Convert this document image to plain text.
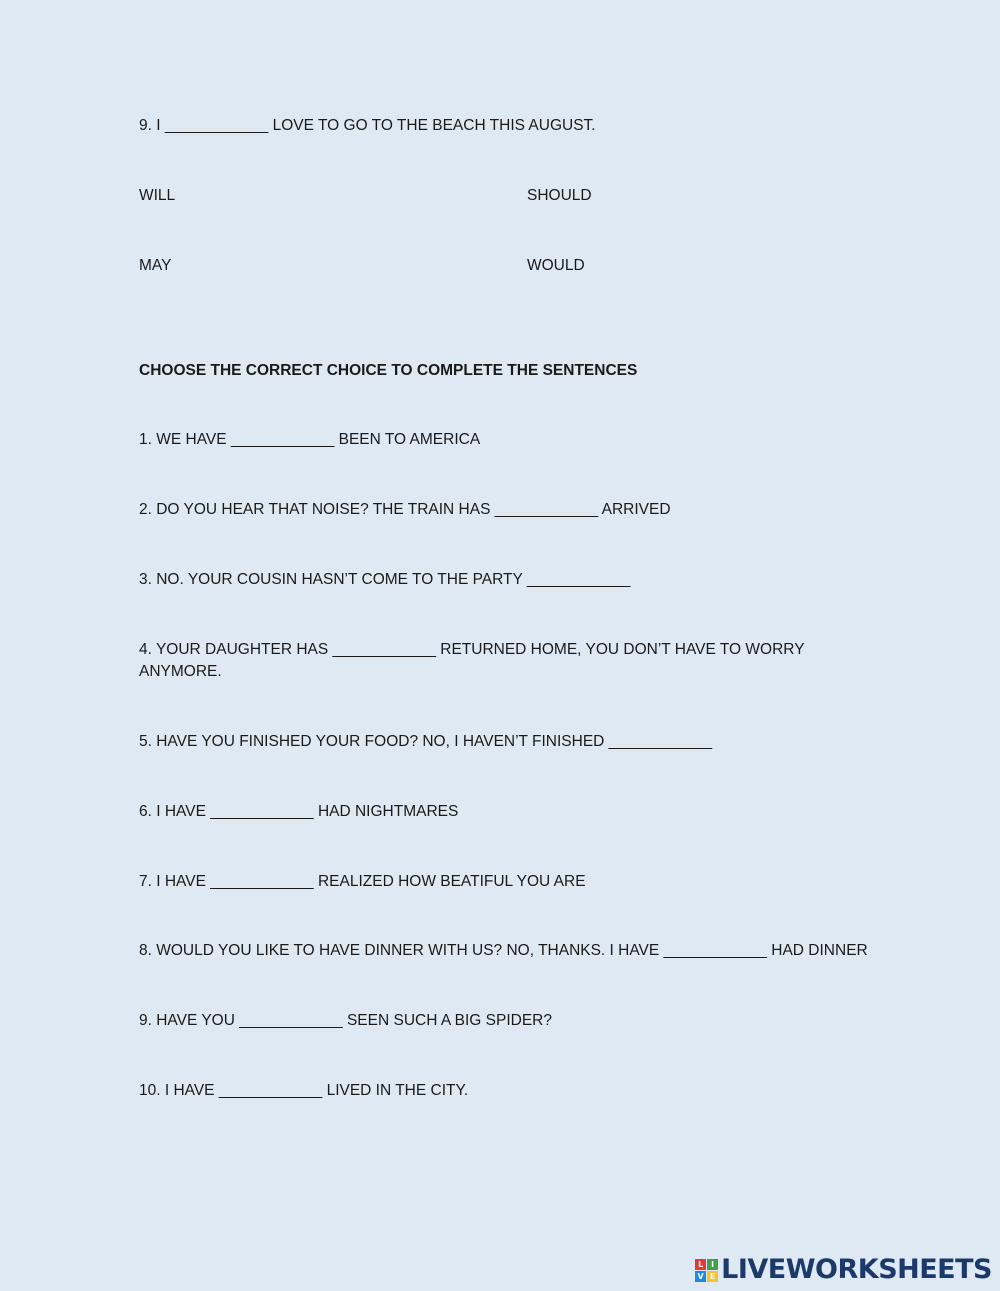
9. I ____________ LOVE TO GO TO THE BEACH THIS AUGUST.
WILL	SHOULD
MAY	WOULD
CHOOSE THE CORRECT CHOICE TO COMPLETE THE SENTENCES
1. WE HAVE ____________ BEEN TO AMERICA
2. DO YOU HEAR THAT NOISE? THE TRAIN HAS ____________ ARRIVED
3. NO. YOUR COUSIN HASN’T COME TO THE PARTY ____________
4. YOUR DAUGHTER HAS ____________ RETURNED HOME, YOU DON’T HAVE TO WORRY ANYMORE.
5. HAVE YOU FINISHED YOUR FOOD? NO, I HAVEN’T FINISHED ____________
6. I HAVE ____________ HAD NIGHTMARES
7. I HAVE ____________ REALIZED HOW BEATIFUL YOU ARE
8. WOULD YOU LIKE TO HAVE DINNER WITH US? NO, THANKS. I HAVE ____________ HAD DINNER
9. HAVE YOU ____________ SEEN SUCH A BIG SPIDER?
10. I HAVE ____________ LIVED IN THE CITY.
L I
V E LIVEWORKSHEETS
